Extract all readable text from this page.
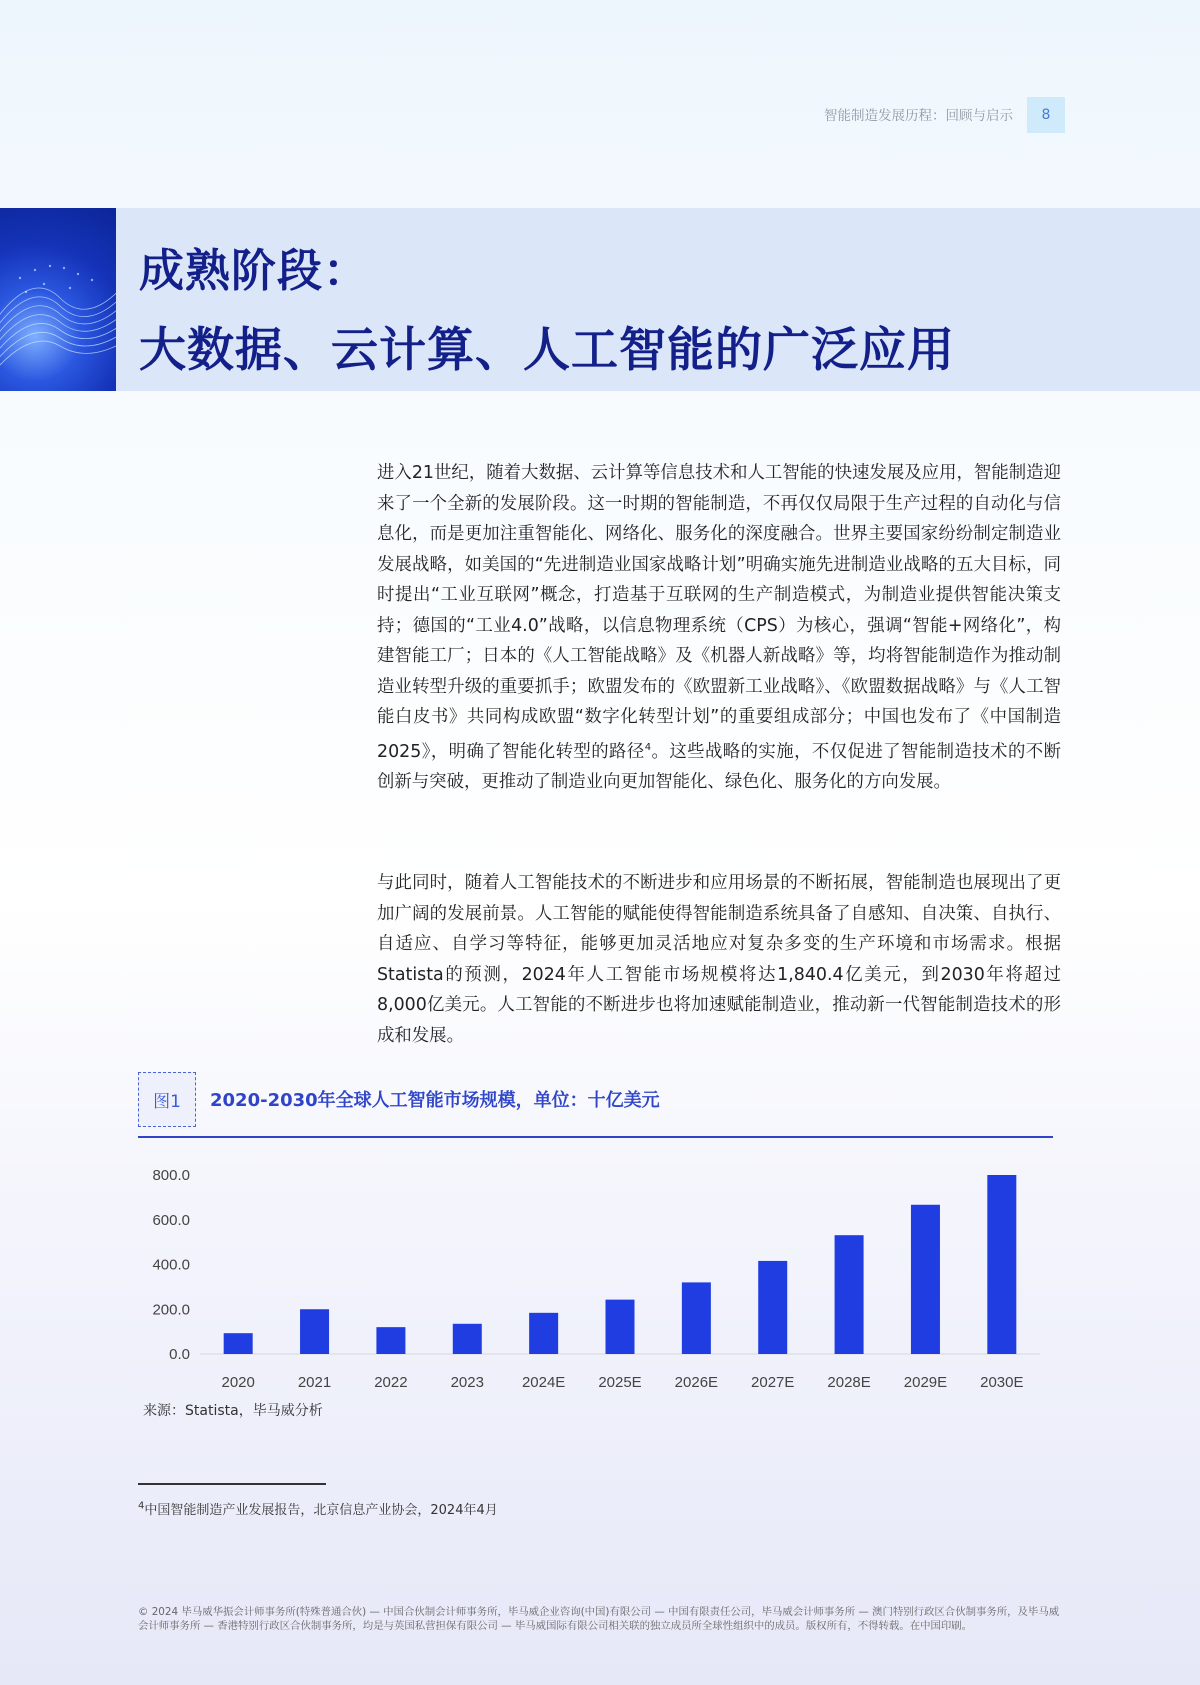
智能制造发展历程：回顾与启示	8
成熟阶段：
大数据、云计算、人工智能的广泛应用

进入21世纪，随着大数据、云计算等信息技术和人工智能的快速发展及应用，智能制造迎来了一个全新的发展阶段。这一时期的智能制造，不再仅仅局限于生产过程的自动化与信息化，而是更加注重智能化、网络化、服务化的深度融合。世界主要国家纷纷制定制造业发展战略，如美国的“先进制造业国家战略计划”明确实施先进制造业战略的五大目标，同时提出“工业互联网”概念，打造基于互联网的生产制造模式，为制造业提供智能决策支持；德国的“工业4.0”战略，以信息物理系统（CPS）为核心，强调“智能+网络化”，构建智能工厂；日本的《人工智能战略》及《机器人新战略》等，均将智能制造作为推动制造业转型升级的重要抓手；欧盟发布的《欧盟新工业战略》、《欧盟数据战略》与《人工智能白皮书》共同构成欧盟“数字化转型计划”的重要组成部分；中国也发布了《中国制造2025》，明确了智能化转型的路径$^4$。这些战略的实施，不仅促进了智能制造技术的不断创新与突破，更推动了制造业向更加智能化、绿色化、服务化的方向发展。

与此同时，随着人工智能技术的不断进步和应用场景的不断拓展，智能制造也展现出了更加广阔的发展前景。人工智能的赋能使得智能制造系统具备了自感知、自决策、自执行、自适应、自学习等特征，能够更加灵活地应对复杂多变的生产环境和市场需求。根据Statista的预测，2024年人工智能市场规模将达1,840.4亿美元，到2030年将超过8,000亿美元。人工智能的不断进步也将加速赋能制造业，推动新一代智能制造技术的形成和发展。

图1	2020-2030年全球人工智能市场规模，单位：十亿美元
0.0
200.0
400.0
600.0
800.0
2020	2021	2022	2023	2024E 2025E 2026E 2027E 2028E 2029E 2030E
来源：Statista，毕马威分析
$^4$中国智能制造产业发展报告，北京信息产业协会，2024年4月
© 2024 毕马威华振会计师事务所(特殊普通合伙) — 中国合伙制会计师事务所，毕马威企业咨询(中国)有限公司 — 中国有限责任公司，毕马威会计师事务所 — 澳门特别行政区合伙制事务所，及毕马威会计师事务所 — 香港特别行政区合伙制事务所，均是与英国私营担保有限公司 — 毕马威国际有限公司相关联的独立成员所全球性组织中的成员。版权所有，不得转载。在中国印刷。
